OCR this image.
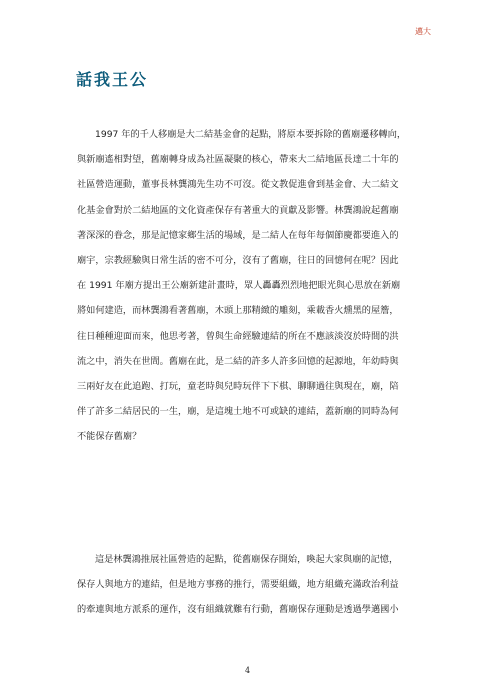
邁大
話我王公
1997 年的千人移廟是大二結基金會的起點，將原本要拆除的舊廟遷移轉向，
與新廟遙相對望，舊廟轉身成為社區凝聚的核心，帶來大二結地區長達二十年的
社區營造運動，董事長林龔鴻先生功不可沒。從文教促進會到基金會、大二結文
化基金會對於二結地區的文化資產保存有著重大的貢獻及影響。林龔鴻說起舊廟
著深深的眷念，那是記憶家鄉生活的場域，是二結人在每年每個節慶都要進入的
廟宇，宗教經驗與日常生活的密不可分，沒有了舊廟，往日的回憶何在呢？因此
在 1991 年廟方提出王公廟新建計畫時，眾人轟轟烈烈地把眼光與心思放在新廟
將如何建造，而林龔鴻看著舊廟，木頭上那精緻的雕刻，乘載香火燻黑的屋簷，
往日種種迎面而來，他思考著，曾與生命經驗連結的所在不應該淡沒於時間的洪
流之中，消失在世間。舊廟在此，是二結的許多人許多回憶的起源地，年幼時與
三兩好友在此追跑、打玩，童老時與兒時玩伴下下棋、聊聊過往與現在，廟，陪
伴了許多二結居民的一生，廟，是這塊土地不可或缺的連結，蓋新廟的同時為何
不能保存舊廟？
這是林龔鴻推展社區營造的起點，從舊廟保存開始，喚起大家與廟的記憶，
保存人與地方的連結，但是地方事務的推行，需要組織，地方組織充滿政治利益
的牽連與地方派系的運作，沒有組織就難有行動，舊廟保存運動是透過學邁國小
4
